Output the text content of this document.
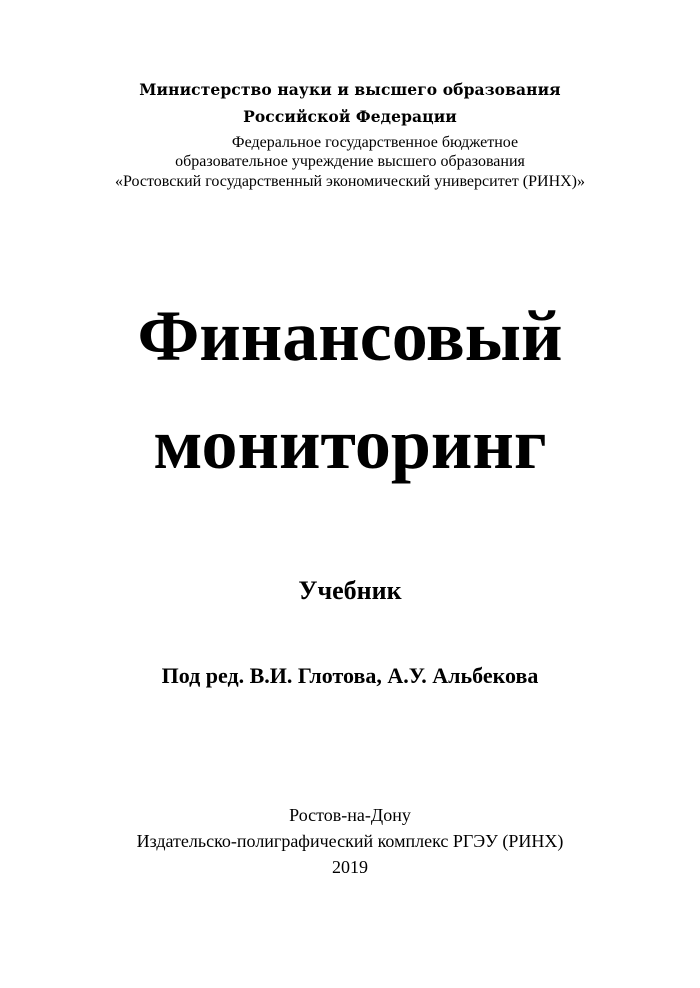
Министерство науки и высшего образования
Российской Федерации
Федеральное государственное бюджетное
образовательное учреждение высшего образования
«Ростовский государственный экономический университет (РИНХ)»
Финансовый
мониторинг
Учебник
Под ред. В.И. Глотова, А.У. Альбекова
Ростов-на-Дону
Издательско-полиграфический комплекс РГЭУ (РИНХ)
2019
